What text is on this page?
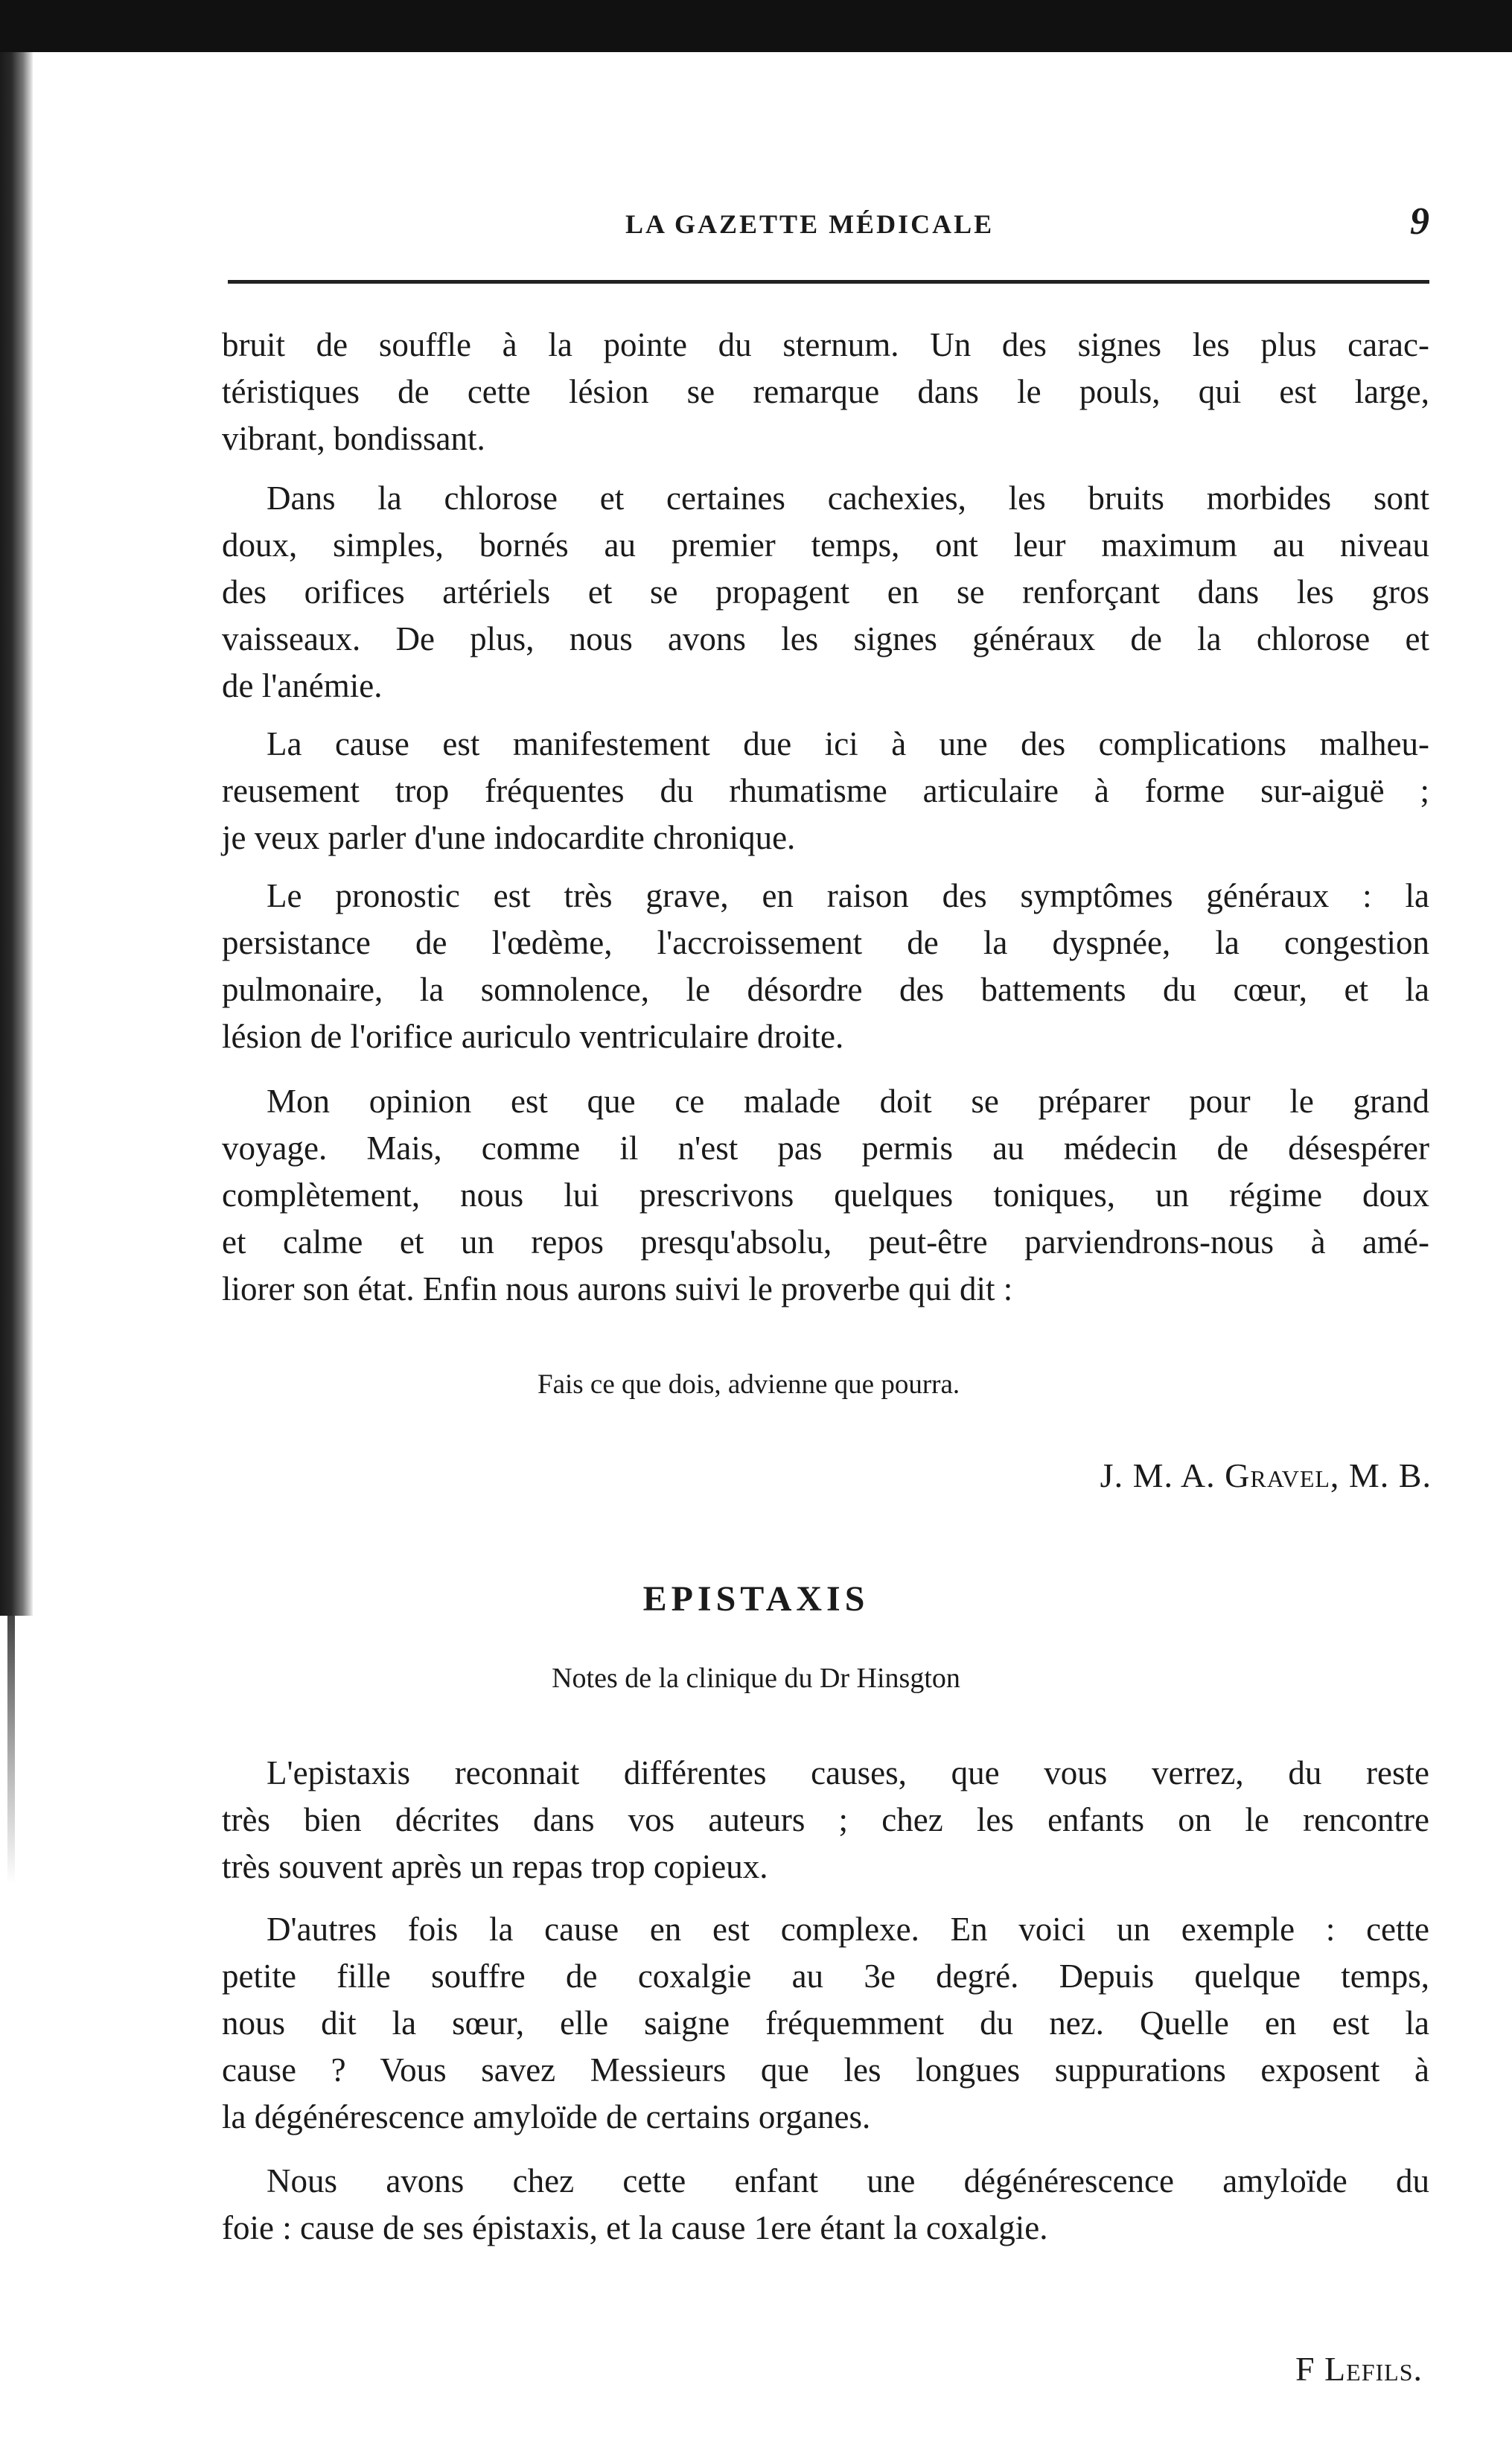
LA GAZETTE MÉDICALE	9
bruit de souffle à la pointe du sternum. Un des signes les plus carac-
téristiques de cette lésion se remarque dans le pouls, qui est large,
vibrant, bondissant.
Dans la chlorose et certaines cachexies, les bruits morbides sont
doux, simples, bornés au premier temps, ont leur maximum au niveau
des orifices artériels et se propagent en se renforçant dans les gros
vaisseaux. De plus, nous avons les signes généraux de la chlorose et
de l'anémie.
La cause est manifestement due ici à une des complications malheu-
reusement trop fréquentes du rhumatisme articulaire à forme sur-aiguë ;
je veux parler d'une indocardite chronique.
Le pronostic est très grave, en raison des symptômes généraux : la
persistance de l'œdème, l'accroissement de la dyspnée, la congestion
pulmonaire, la somnolence, le désordre des battements du cœur, et la
lésion de l'orifice auriculo ventriculaire droite.
Mon opinion est que ce malade doit se préparer pour le grand
voyage. Mais, comme il n'est pas permis au médecin de désespérer
complètement, nous lui prescrivons quelques toniques, un régime doux
et calme et un repos presqu'absolu, peut-être parviendrons-nous à amé-
liorer son état. Enfin nous aurons suivi le proverbe qui dit :
Fais ce que dois, advienne que pourra.
J. M. A. Gravel, M. B.
EPISTAXIS
Notes de la clinique du Dr Hinsgton
L'epistaxis reconnait différentes causes, que vous verrez, du reste
très bien décrites dans vos auteurs ; chez les enfants on le rencontre
très souvent après un repas trop copieux.
D'autres fois la cause en est complexe. En voici un exemple : cette
petite fille souffre de coxalgie au 3e degré. Depuis quelque temps,
nous dit la sœur, elle saigne fréquemment du nez. Quelle en est la
cause ? Vous savez Messieurs que les longues suppurations exposent à
la dégénérescence amyloïde de certains organes.
Nous avons chez cette enfant une dégénérescence amyloïde du
foie : cause de ses épistaxis, et la cause 1ere étant la coxalgie.
F Lefils.
